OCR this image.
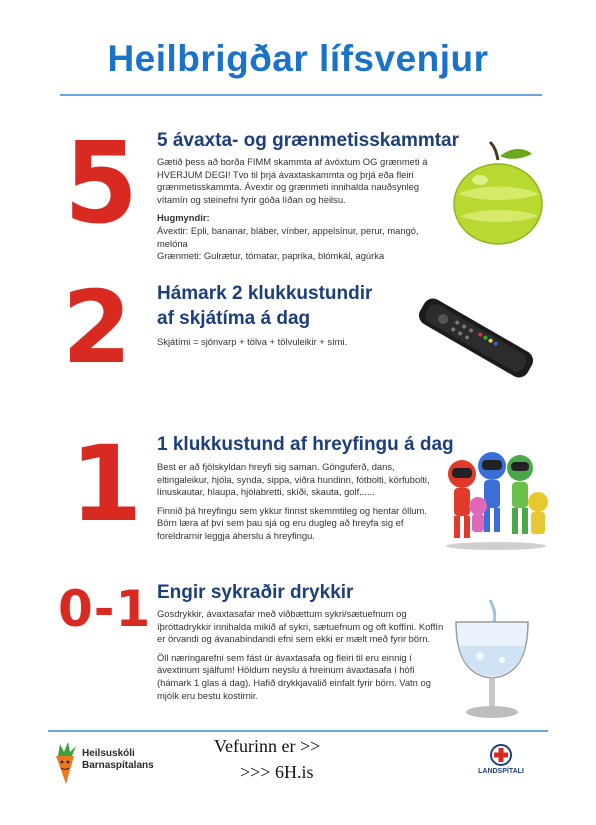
Heilbrigðar lífsvenjur
5 5 ávaxta- og grænmetisskammtar

Gætið þess að borða FIMM skammta af ávöxtum OG grænmeti á HVERJUM DEGI! Tvo til þrjá ávaxtaskammta og þrjá eða fleiri grænmetisskammta. Ávextir og grænmeti innihalda nauðsynleg vítamín og steinefni fyrir góða líðan og heilsu.

Hugmyndir:

Ávextir: Epli, bananar, bláber, vínber, appelsínur, perur, mangó, melóna

Grænmeti: Gulrætur, tómatar, paprika, blómkál, agúrka

2 Hámark 2 klukkustundir
af skjátíma á dag

Skjátími = sjónvarp + tölva + tölvuleikir + sími.

1 1 klukkustund af hreyfingu á dag

Best er að fjölskyldan hreyfi sig saman. Gönguferð, dans, eltingaleikur, hjóla, synda, sippa, viðra hundinn, fótbolti, körfubolti, línuskautar, hlaupa, hjólabretti, skíði, skauta, golf......

Finnið þá hreyfingu sem ykkur finnst skemmtileg og hentar öllum. Börn læra af því sem þau sjá og eru dugleg að hreyfa sig ef foreldrarnir leggja áherslu á hreyfingu.

0-1 Engir sykraðir drykkir

Gosdrykkir, ávaxtasafar með viðbættum sykri/sætuefnum og íþróttadrykkir innihalda mikið af sykri, sætuefnum og oft koffíni. Koffín er örvandi og ávanabindandi efni sem ekki er mælt með fyrir börn.

Öll næringarefni sem fást úr ávaxtasafa og fleiri til eru einnig í ávextinum sjálfum! Höldum neyslu á hreinum ávaxtasafa í hófi (hámark 1 glas á dag). Hafið drykkjavalið einfalt fyrir börn. Vatn og mjólk eru bestu kostirnir.

Heilsuskóli
Barnaspítalans
Vefurinn er >>
>>> 6H.is	LANDSPÍTALI
